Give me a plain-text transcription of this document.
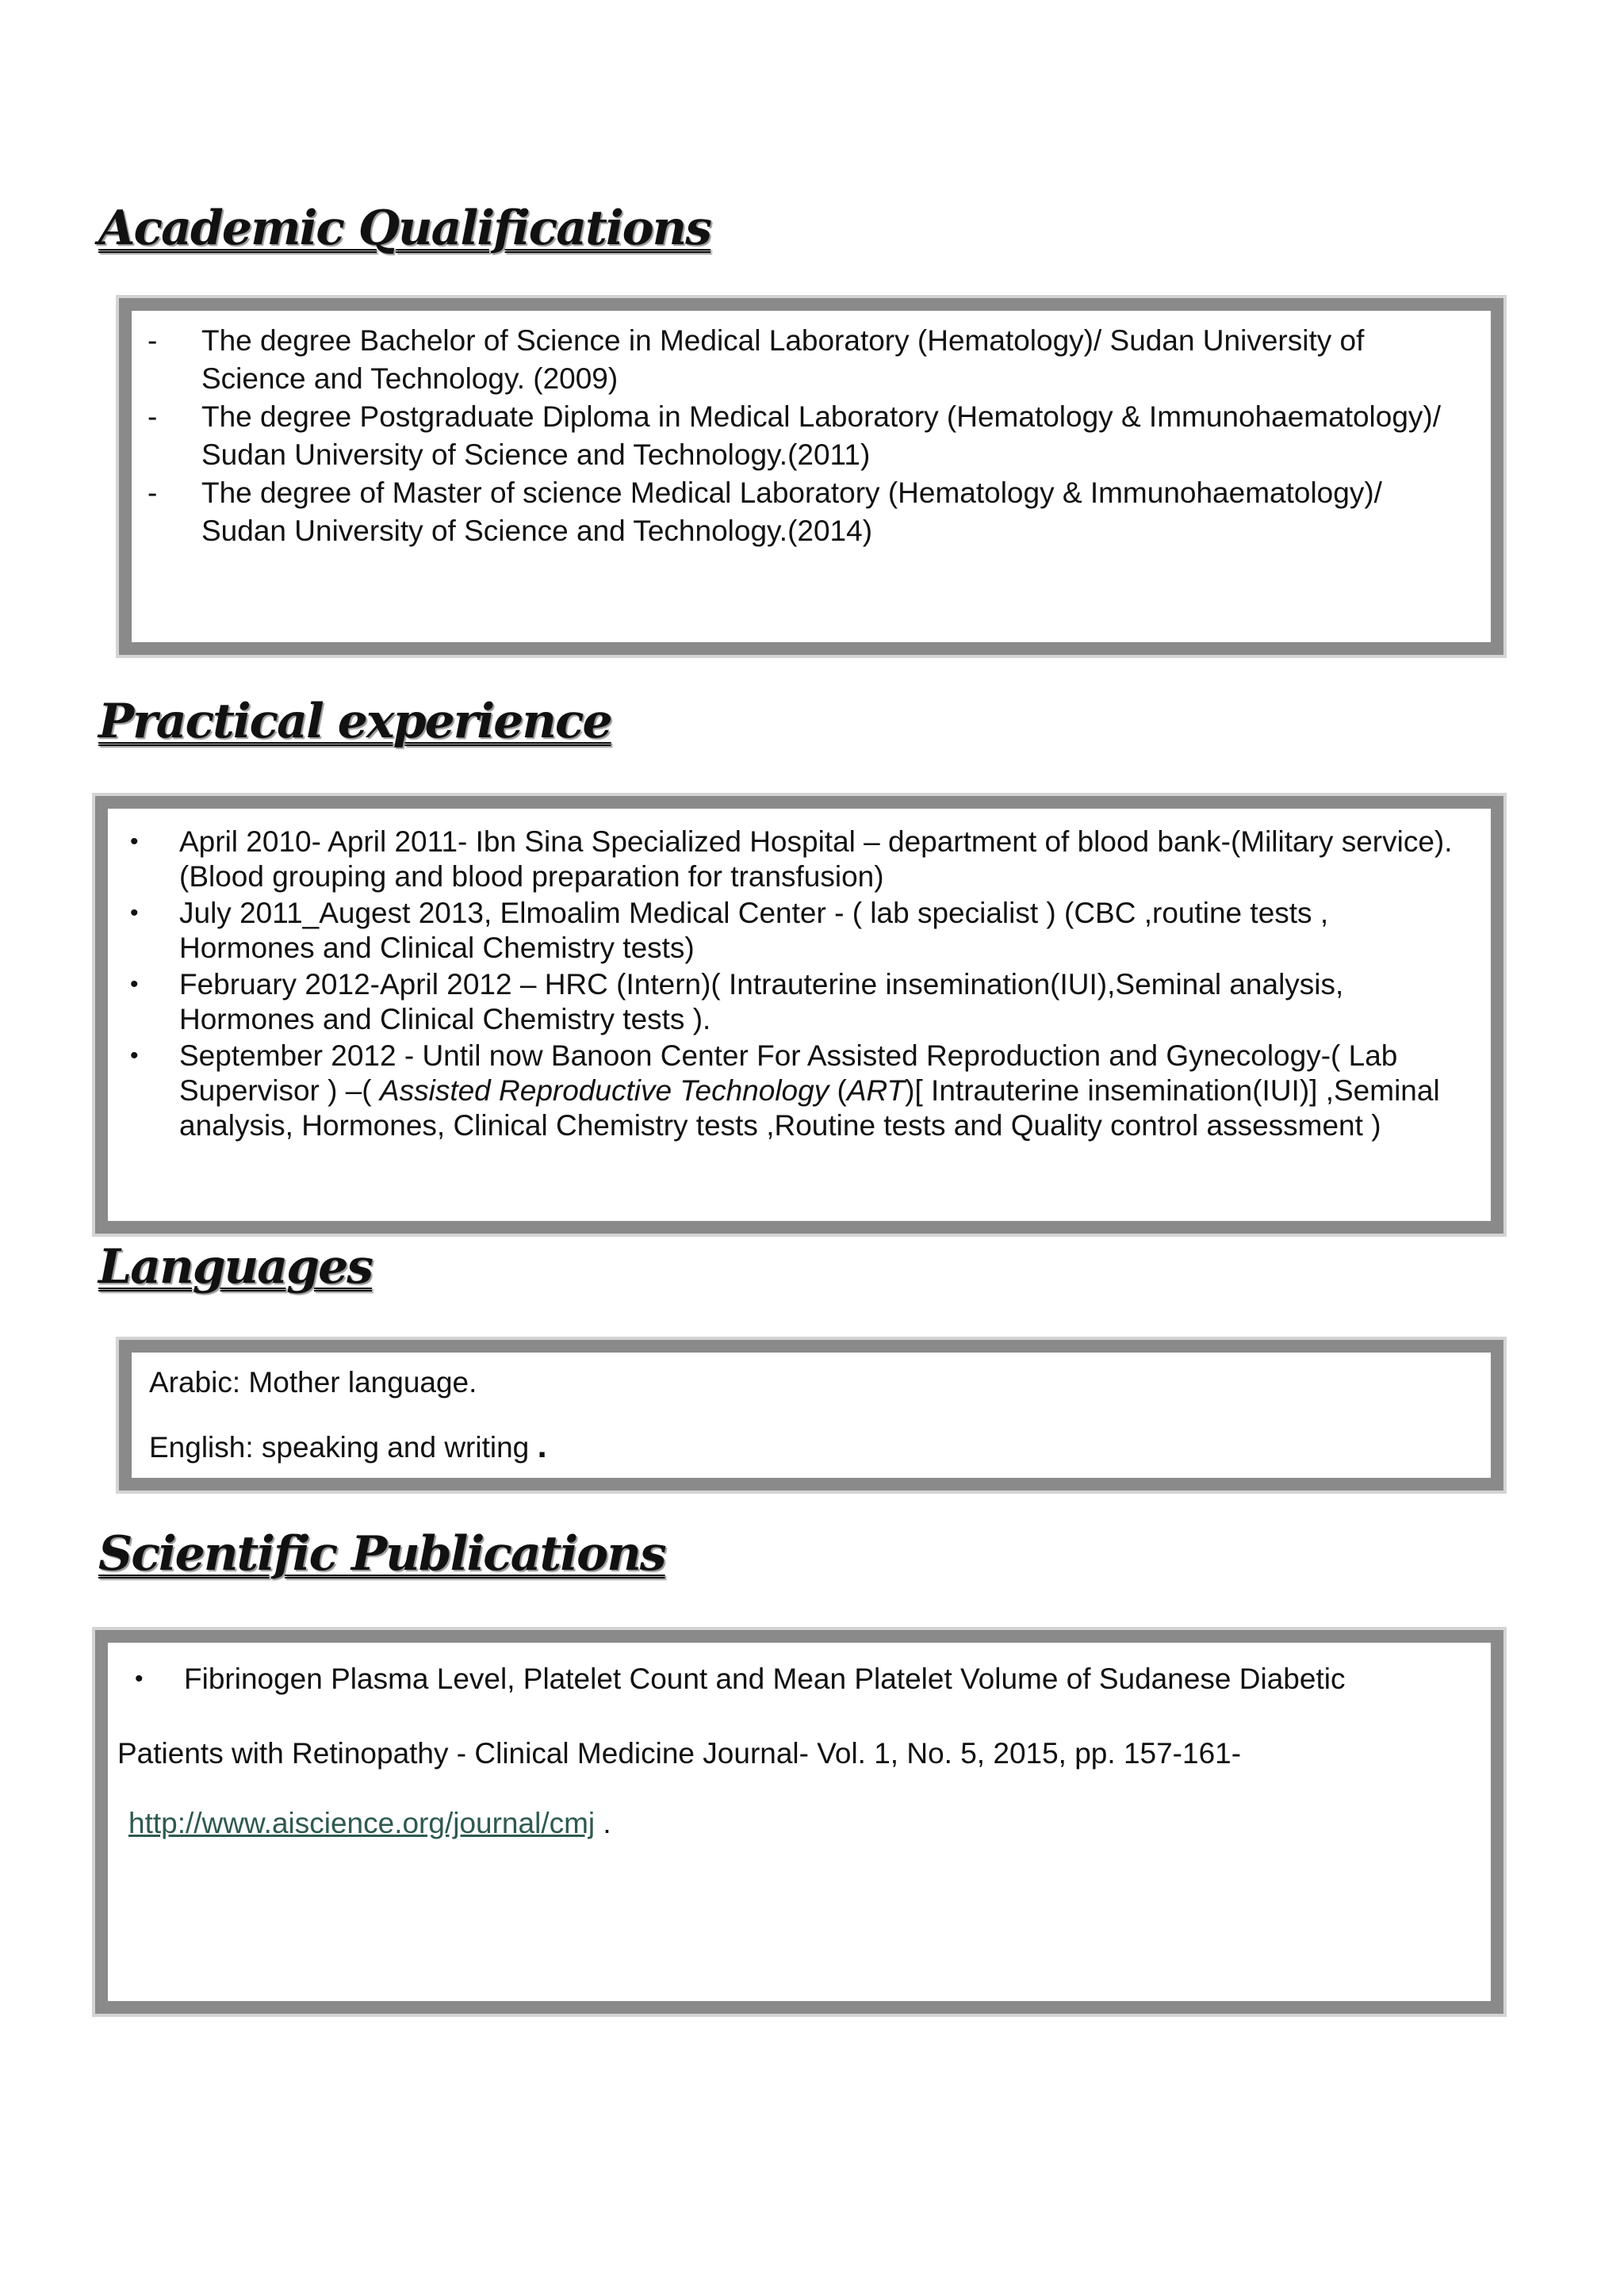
Academic Qualifications
- The degree Bachelor of Science in Medical Laboratory (Hematology)/ Sudan University of Science and Technology. (2009)
- The degree Postgraduate Diploma in Medical Laboratory (Hematology & Immunohaematology)/ Sudan University of Science and Technology.(2011)
- The degree of Master of science Medical Laboratory (Hematology & Immunohaematology)/ Sudan University of Science and Technology.(2014)
Practical experience
• April 2010- April 2011- Ibn Sina Specialized Hospital – department of blood bank-(Military service).(Blood grouping and blood preparation for transfusion)
• July 2011_Augest 2013, Elmoalim Medical Center - ( lab specialist ) (CBC ,routine tests , Hormones and Clinical Chemistry tests)
• February 2012-April 2012 – HRC (Intern)( Intrauterine insemination(IUI),Seminal analysis, Hormones and Clinical Chemistry tests ).
• September 2012 - Until now Banoon Center For Assisted Reproduction and Gynecology-( Lab Supervisor ) –( Assisted Reproductive Technology (ART)[ Intrauterine insemination(IUI)] ,Seminal analysis, Hormones, Clinical Chemistry tests ,Routine tests and Quality control assessment )
Languages

Arabic: Mother language.

English: speaking and writing .

Scientific Publications

• Fibrinogen Plasma Level, Platelet Count and Mean Platelet Volume of Sudanese Diabetic

Patients with Retinopathy - Clinical Medicine Journal- Vol. 1, No. 5, 2015, pp. 157-161-

http://www.aiscience.org/journal/cmj .
